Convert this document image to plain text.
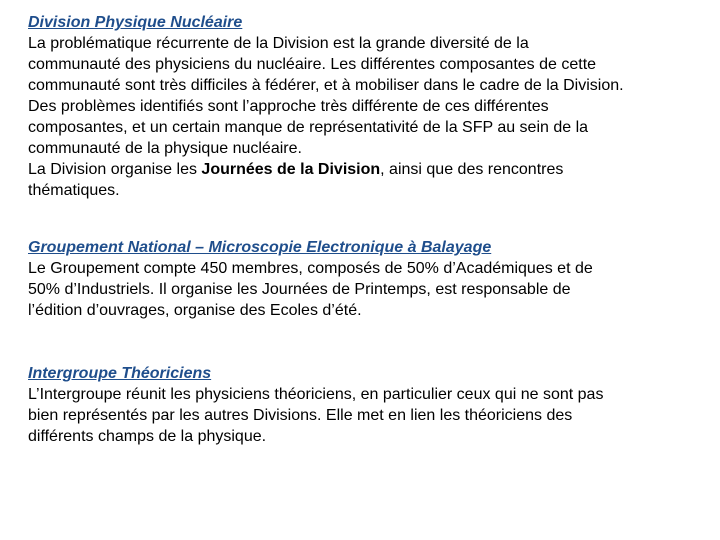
Division Physique Nucléaire
La problématique récurrente de la Division est la grande diversité de la
communauté des physiciens du nucléaire. Les différentes composantes de cette
communauté sont très difficiles à fédérer, et à mobiliser dans le cadre de la Division.
Des problèmes identifiés sont l’approche très différente de ces différentes
composantes, et un certain manque de représentativité de la SFP au sein de la
communauté de la physique nucléaire.
La Division organise les Journées de la Division, ainsi que des rencontres
thématiques.
Groupement National – Microscopie Electronique à Balayage
Le Groupement compte 450 membres, composés de 50% d’Académiques et de
50% d’Industriels. Il organise les Journées de Printemps, est responsable de
l’édition d’ouvrages, organise des Ecoles d’été.
Intergroupe Théoriciens
L’Intergroupe réunit les physiciens théoriciens, en particulier ceux qui ne sont pas
bien représentés par les autres Divisions. Elle met en lien les théoriciens des
différents champs de la physique.
